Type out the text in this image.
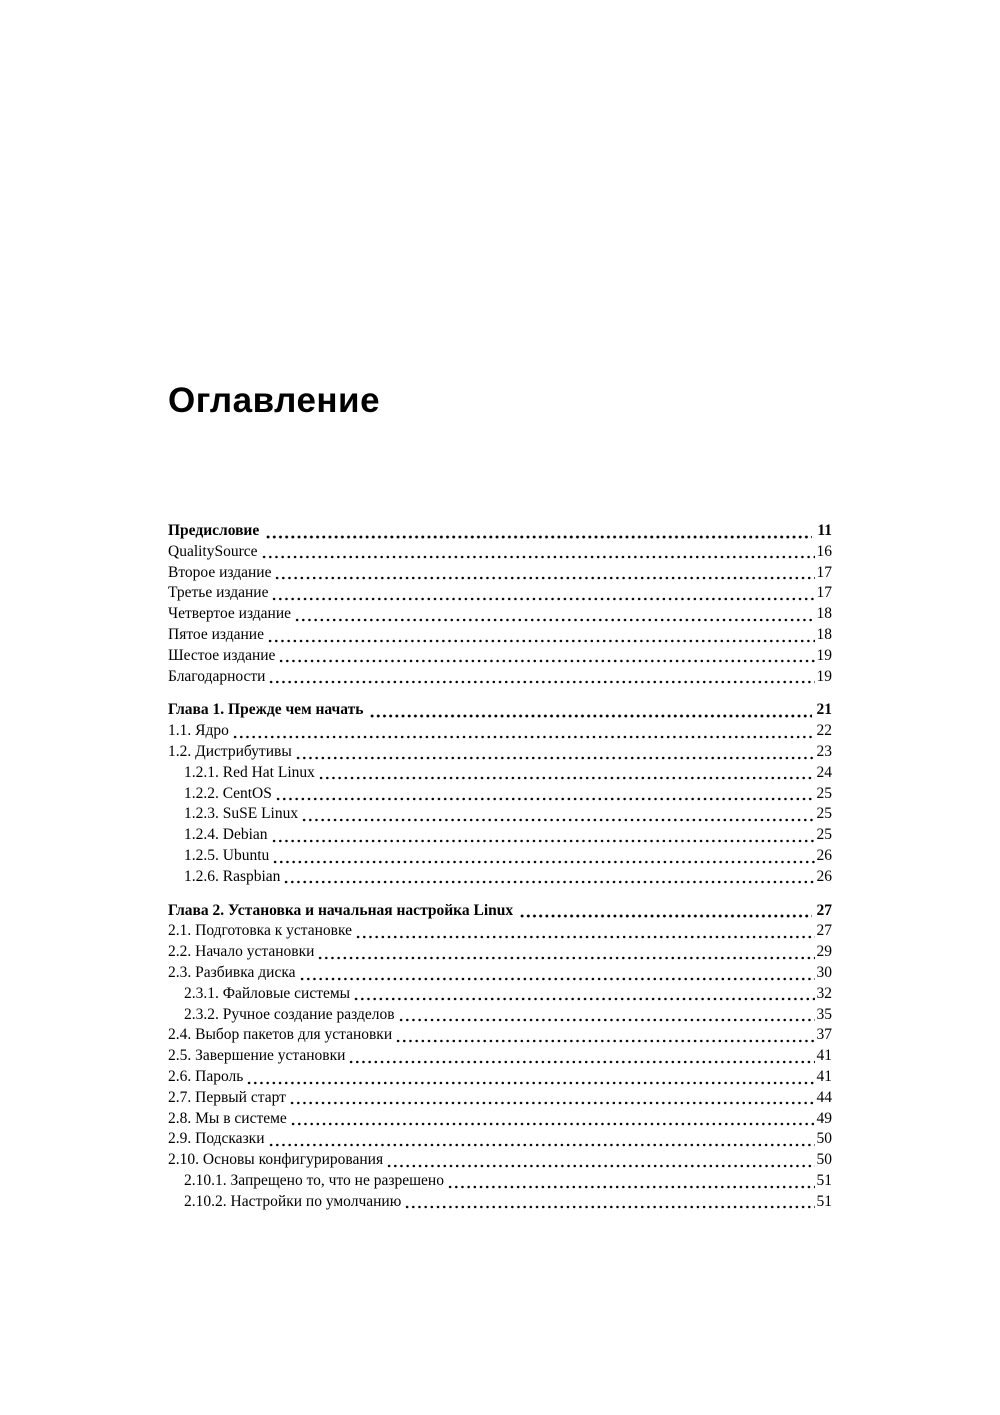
Оглавление
Предисловие	11
QualitySource	16
Второе издание	17
Третье издание	17
Четвертое издание	18
Пятое издание	18
Шестое издание	19
Благодарности	19
Глава 1. Прежде чем начать	21
1.1. Ядро	22
1.2. Дистрибутивы	23
1.2.1. Red Hat Linux	24
1.2.2. CentOS	25
1.2.3. SuSE Linux	25
1.2.4. Debian	25
1.2.5. Ubuntu	26
1.2.6. Raspbian	26
Глава 2. Установка и начальная настройка Linux	27
2.1. Подготовка к установке	27
2.2. Начало установки	29
2.3. Разбивка диска	30
2.3.1. Файловые системы	32
2.3.2. Ручное создание разделов	35
2.4. Выбор пакетов для установки	37
2.5. Завершение установки	41
2.6. Пароль	41
2.7. Первый старт	44
2.8. Мы в системе	49
2.9. Подсказки	50
2.10. Основы конфигурирования	50
2.10.1. Запрещено то, что не разрешено	51
2.10.2. Настройки по умолчанию	51
